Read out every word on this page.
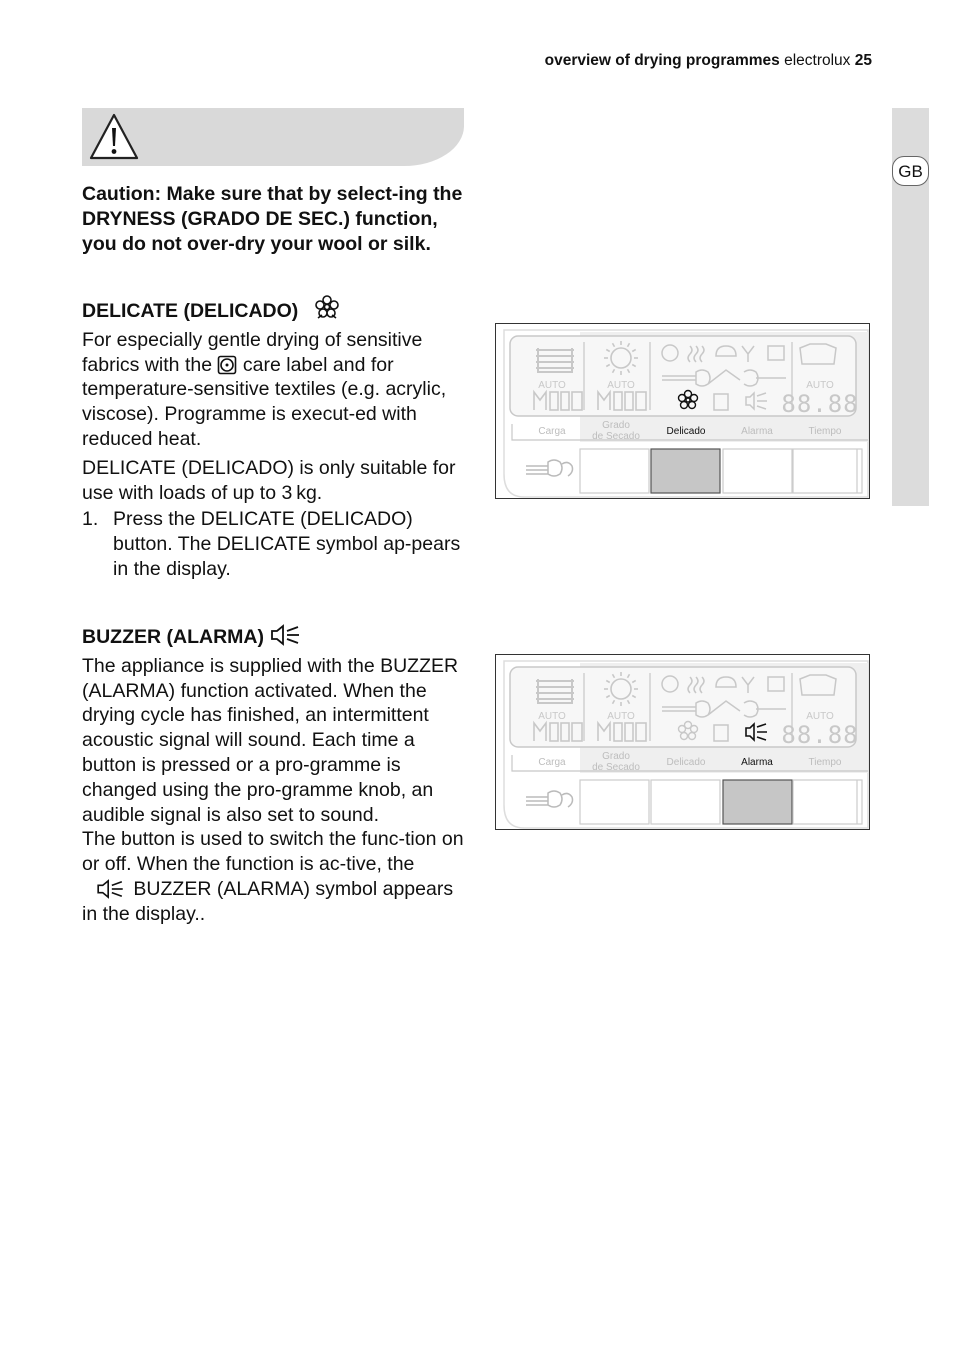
overview of drying programmes electrolux 25
GB
Caution: Make sure that by select-ing the DRYNESS (GRADO DE SEC.) function, you do not over-dry your wool or silk.
DELICATE (DELICADO)

For especially gentle drying of sensitive fabrics with the care label and for temperature-sensitive textiles (e.g. acrylic, viscose). Programme is execut-ed with reduced heat.

DELICATE (DELICADO) is only suitable for use with loads of up to 3 kg.

1. Press the DELICATE (DELICADO) button. The DELICATE symbol ap-pears in the display.
BUZZER (ALARMA)

The appliance is supplied with the BUZZER (ALARMA) function activated. When the drying cycle has finished, an intermittent acoustic signal will sound. Each time a button is pressed or a pro-gramme is changed using the pro-gramme knob, an audible signal is also set to sound.

The button is used to switch the func-tion on or off. When the function is ac-tive, the  BUZZER (ALARMA) symbol appears in the display..

AUTO	AUTO	AUTO
88.88
Carga
Grado de Secado	Delicado	Alarma	Tiempo
AUTO	AUTO	AUTO
88.88
Carga
Grado de Secado	Delicado	Alarma	Tiempo
